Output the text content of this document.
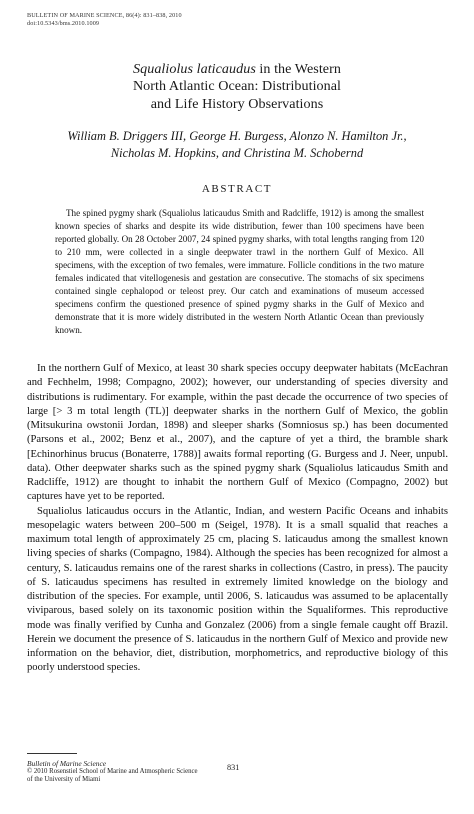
BULLETIN OF MARINE SCIENCE, 86(4): 831–838, 2010
doi:10.5343/bms.2010.1009
Squaliolus laticaudus in the Western
North Atlantic Ocean: Distributional
and Life History Observations
William B. Driggers III, George H. Burgess, Alonzo N. Hamilton Jr.,
Nicholas M. Hopkins, and Christina M. Schobernd
ABSTRACT

The spined pygmy shark (Squaliolus laticaudus Smith and Radcliffe, 1912) is among the smallest known species of sharks and despite its wide distribution, fewer than 100 specimens have been reported globally. On 28 October 2007, 24 spined pygmy sharks, with total lengths ranging from 120 to 210 mm, were collected in a single deepwater trawl in the northern Gulf of Mexico. All specimens, with the exception of two females, were immature. Follicle conditions in the two mature females indicated that vitellogenesis and gestation are consecutive. The stomachs of six specimens contained single cephalopod or teleost prey. Our catch and examinations of museum accessed specimens confirm the questioned presence of spined pygmy sharks in the Gulf of Mexico and demonstrate that it is more widely distributed in the western North Atlantic Ocean than previously known.

In the northern Gulf of Mexico, at least 30 shark species occupy deepwater habitats (McEachran and Fechhelm, 1998; Compagno, 2002); however, our understanding of species diversity and distributions is rudimentary. For example, within the past decade the occurrence of two species of large [> 3 m total length (TL)] deepwater sharks in the northern Gulf of Mexico, the goblin (Mitsukurina owstonii Jordan, 1898) and sleeper sharks (Somniosus sp.) has been documented (Parsons et al., 2002; Benz et al., 2007), and the capture of yet a third, the bramble shark [Echinorhinus brucus (Bonaterre, 1788)] awaits formal reporting (G. Burgess and J. Neer, unpubl. data). Other deepwater sharks such as the spined pygmy shark (Squaliolus laticaudus Smith and Radcliffe, 1912) are thought to inhabit the northern Gulf of Mexico (Compagno, 2002) but captures have yet to be reported.

Squaliolus laticaudus occurs in the Atlantic, Indian, and western Pacific Oceans and inhabits mesopelagic waters between 200–500 m (Seigel, 1978). It is a small squalid that reaches a maximum total length of approximately 25 cm, placing S. laticaudus among the smallest known living species of sharks (Compagno, 1984). Although the species has been recognized for almost a century, S. laticaudus remains one of the rarest sharks in collections (Castro, in press). The paucity of S. laticaudus specimens has resulted in extremely limited knowledge on the biology and distribution of the species. For example, until 2006, S. laticaudus was assumed to be aplacentally viviparous, based solely on its taxonomic position within the Squaliformes. This reproductive mode was finally verified by Cunha and Gonzalez (2006) from a single female caught off Brazil. Herein we document the presence of S. laticaudus in the northern Gulf of Mexico and provide new information on the behavior, diet, distribution, morphometrics, and reproductive biology of this poorly understood species.

Bulletin of Marine Science
© 2010 Rosenstiel School of Marine and Atmospheric Science
of the University of Miami
831
